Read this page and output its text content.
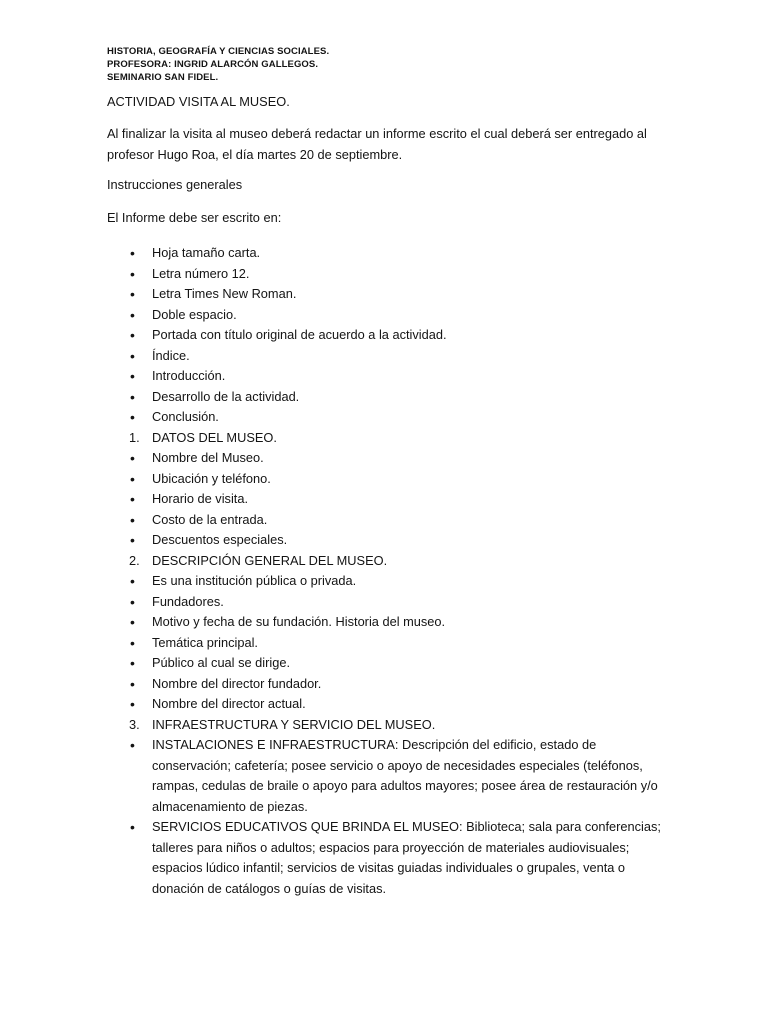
HISTORIA, GEOGRAFÍA Y CIENCIAS SOCIALES.
PROFESORA: INGRID ALARCÓN GALLEGOS.
SEMINARIO SAN FIDEL.
ACTIVIDAD VISITA AL MUSEO.
Al finalizar la visita al museo deberá redactar un informe escrito el cual deberá ser entregado al
profesor Hugo Roa, el día martes 20 de septiembre.
Instrucciones generales
El Informe debe ser escrito en:
•	Hoja tamaño carta.
•	Letra número 12.
•	Letra Times New Roman.
•	Doble espacio.
•	Portada con título original de acuerdo a la actividad.
•	Índice.
•	Introducción.
•	Desarrollo de la actividad.
•	Conclusión.
1. DATOS DEL MUSEO.
•	Nombre del Museo.
•	Ubicación y teléfono.
•	Horario de visita.
•	Costo de la entrada.
•	Descuentos especiales.
2. DESCRIPCIÓN GENERAL DEL MUSEO.
•	Es una institución pública o privada.
•	Fundadores.
•	Motivo y fecha de su fundación. Historia del museo.
•	Temática principal.
•	Público al cual se dirige.
•	Nombre del director fundador.
•	Nombre del director actual.
3. INFRAESTRUCTURA Y SERVICIO DEL MUSEO.
•	INSTALACIONES E INFRAESTRUCTURA: Descripción del edificio, estado de conservación; cafetería; posee servicio o apoyo de necesidades especiales (teléfonos, rampas, cedulas de braile o apoyo para adultos mayores; posee área de restauración y/o almacenamiento de piezas.
•	SERVICIOS EDUCATIVOS QUE BRINDA EL MUSEO: Biblioteca; sala para conferencias; talleres para niños o adultos; espacios para proyección de materiales audiovisuales; espacios lúdico infantil; servicios de visitas guiadas individuales o grupales, venta o donación de catálogos o guías de visitas.
